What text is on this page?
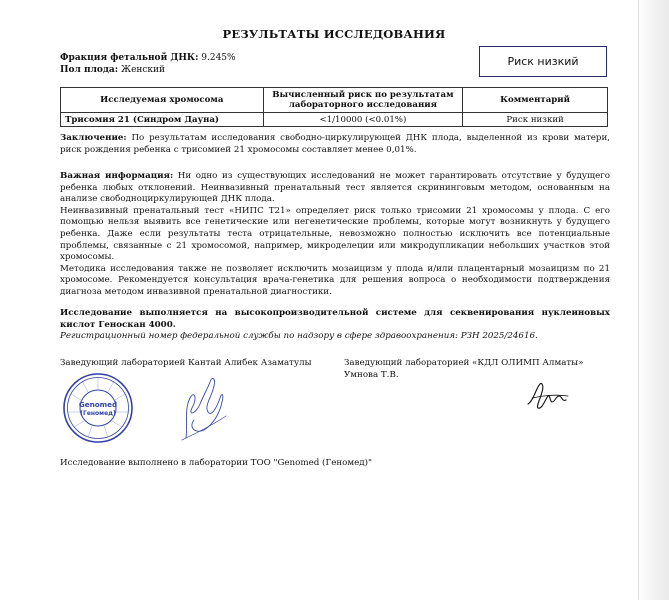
РЕЗУЛЬТАТЫ ИССЛЕДОВАНИЯ
Фракция фетальной ДНК: 9.245%
Пол плода: Женский
Риск низкий
Исследуемая хромосома	Вычисленный риск по результатам лабораторного исследования	Комментарий
Трисомия 21 (Синдром Дауна)	<1/10000 (<0.01%)	Риск низкий
Заключение: По результатам исследования свободно-циркулирующей ДНК плода, выделенной из крови матери, риск рождения ребенка с трисомией 21 хромосомы составляет менее 0,01%.
Важная информация: Ни одно из существующих исследований не может гарантировать отсутствие у будущего ребенка любых отклонений. Неинвазивный пренатальный тест является скрининговым методом, основанным на анализе свободноциркулирующей ДНК плода.
Неинвазивный пренатальный тест «НИПС Т21» определяет риск только трисомии 21 хромосомы у плода. С его помощью нельзя выявить все генетические или негенетические проблемы, которые могут возникнуть у будущего ребенка. Даже если результаты теста отрицательные, невозможно полностью исключить все потенциальные проблемы, связанные с 21 хромосомой, например, микроделеции или микродупликации небольших участков этой хромосомы.
Методика исследования также не позволяет исключить мозаицизм у плода и/или плацентарный мозаицизм по 21 хромосоме. Рекомендуется консультация врача-генетика для решения вопроса о необходимости подтверждения диагноза методом инвазивной пренатальной диагностики.
Исследование выполняется на высокопроизводительной системе для секвенирования нуклеиновых кислот Геноскан 4000.
Регистрационный номер федеральной службы по надзору в сфере здравоохранения: РЗН 2025/24616.
Заведующий лабораторией Кантай Алибек Азаматулы	Заведующий лабораторией «КДЛ ОЛИМП Алматы»
Умнова Т.В.
Genomed
(Геномед)
Исследование выполнено в лаборатории ТОО "Genomed (Геномед)"
